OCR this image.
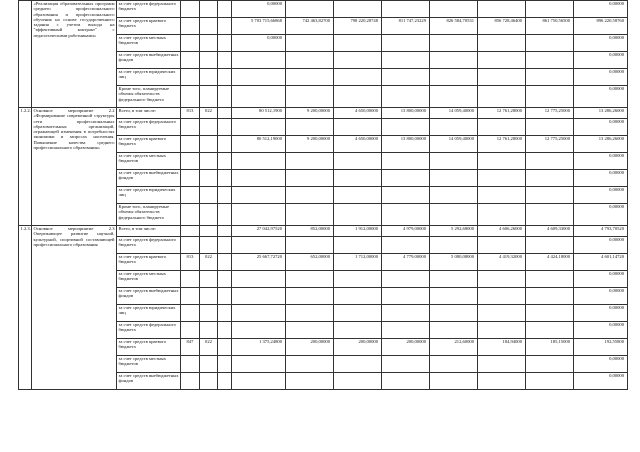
	«Реализация образовательных программ среднего профессионального образования и профессионального обучения на основе государственного задания с учетом выхода на "эффективный контракт" с педагогическими работниками»	за счет средств федерального бюджета				0,00000							0,00000
		за счет средств краевого бюджета				5 703 715,66868	742 463,82700	798 220,28748	811 747,23229	826 584,70531	856 728,46400	861 750,56500	896 220,58760
		за счет средств местных бюджетов				0,00000							0,00000
		за счет средств внебюджетных фондов											0,00000
		за счет средств юридических лиц											0,00000
		Кроме того, планируемые объемы обязательств федерального бюджета											0,00000
1.2.2.	Основное мероприятие 2.2 «Формирование современной структуры сети профессиональных образовательных организаций, отражающей изменения в потребностях экономики и запросах населения. Повышение качества среднего профессионального образования»	Всего, в том числе:	813	022		80 512,1900	9 200,00000	4 650,00000	13 800,00000	14 059,40000	12 761,28000	12 775,25000	13 286,26000
		за счет средств федерального бюджета											0,00000
		за счет средств краевого бюджета				80 512,19000	9 200,00000	4 650,00000	13 800,00000	14 059,40000	12 761,28000	12 775,25000	13 286,26000
		за счет средств местных бюджетов											0,00000
		за счет средств внебюджетных фондов											0,00000
		за счет средств юридических лиц											0,00000
		Кроме того, планируемые объемы обязательств федерального бюджета											0,00000
1.2.3.	Основное мероприятие 2.3 Опережающее развитие научной, культурной, спортивной составляющей профессионального образования	Всего, в том числе:				27 042,97520	852,00000	1 912,00000	4 979,00000	5 292,68000	4 606,26000	4 609,33000	4 793,70520
		за счет средств федерального бюджета											0,00000
		за счет средств краевого бюджета	813	022		25 667,72720	652,00000	1 712,00000	4 779,00000	5 080,08000	4 419,32000	4 424,18000	4 601,14720
		за счет средств местных бюджетов											0,00000
		за счет средств внебюджетных фондов											0,00000
		за счет средств юридических лиц											0,00000
		за счет средств федерального бюджета											0,00000
		за счет средств краевого бюджета	847	022		1 375,24800	200,00000	200,00000	200,00000	212,60000	184,94000	185,15000	192,55800
		за счет средств местных бюджетов											0,00000
		за счет средств внебюджетных фондов											0,00000
